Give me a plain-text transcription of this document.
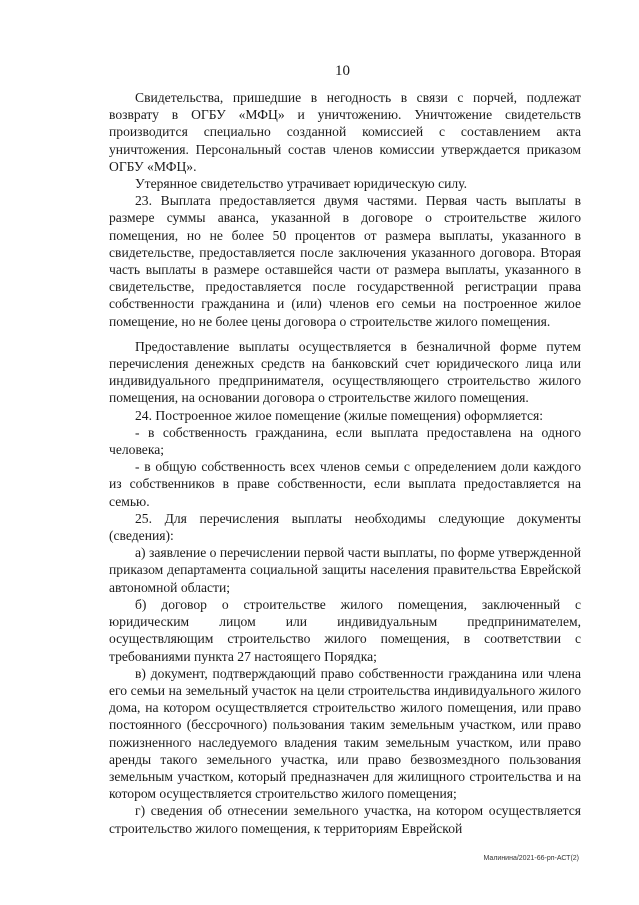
10

Свидетельства, пришедшие в негодность в связи с порчей, подлежат возврату в ОГБУ «МФЦ» и уничтожению. Уничтожение свидетельств производится специально созданной комиссией с составлением акта уничтожения. Персональный состав членов комиссии утверждается приказом ОГБУ «МФЦ».

Утерянное свидетельство утрачивает юридическую силу.

23. Выплата предоставляется двумя частями. Первая часть выплаты в размере суммы аванса, указанной в договоре о строительстве жилого помещения, но не более 50 процентов от размера выплаты, указанного в свидетельстве, предоставляется после заключения указанного договора. Вторая часть выплаты в размере оставшейся части от размера выплаты, указанного в свидетельстве, предоставляется после государственной регистрации права собственности гражданина и (или) членов его семьи на построенное жилое помещение, но не более цены договора о строительстве жилого помещения.

Предоставление выплаты осуществляется в безналичной форме путем перечисления денежных средств на банковский счет юридического лица или индивидуального предпринимателя, осуществляющего строительство жилого помещения, на основании договора о строительстве жилого помещения.

24. Построенное жилое помещение (жилые помещения) оформляется:

- в собственность гражданина, если выплата предоставлена на одного человека;

- в общую собственность всех членов семьи с определением доли каждого из собственников в праве собственности, если выплата предоставляется на семью.

25. Для перечисления выплаты необходимы следующие документы (сведения):

а) заявление о перечислении первой части выплаты, по форме утвержденной приказом департамента социальной защиты населения правительства Еврейской автономной области;

б) договор о строительстве жилого помещения, заключенный с юридическим лицом или индивидуальным предпринимателем, осуществляющим строительство жилого помещения, в соответствии с требованиями пункта 27 настоящего Порядка;

в) документ, подтверждающий право собственности гражданина или члена его семьи на земельный участок на цели строительства индивидуального жилого дома, на котором осуществляется строительство жилого помещения, или право постоянного (бессрочного) пользования таким земельным участком, или право пожизненного наследуемого владения таким земельным участком, или право аренды такого земельного участка, или право безвозмездного пользования земельным участком, который предназначен для жилищного строительства и на котором осуществляется строительство жилого помещения;

г) сведения об отнесении земельного участка, на котором осуществляется строительство жилого помещения, к территориям Еврейской

Малинина/2021-66-рп-АСТ(2)
